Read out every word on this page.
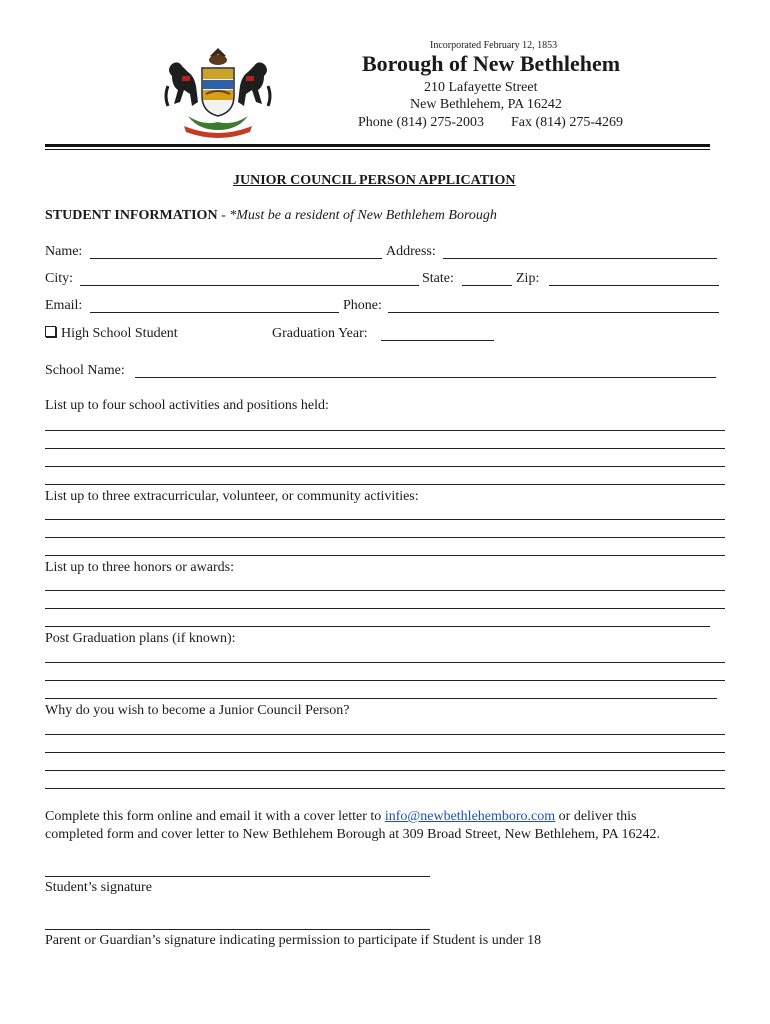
Incorporated February 12, 1853
Borough of New Bethlehem
210 Lafayette Street
New Bethlehem, PA 16242
Phone (814) 275-2003 Fax (814) 275-4269
JUNIOR COUNCIL PERSON APPLICATION
STUDENT INFORMATION - *Must be a resident of New Bethlehem Borough
Name:	Address:
City:	State:	Zip:
Email:	Phone:
High School Student	Graduation Year:
School Name:
List up to four school activities and positions held:
List up to three extracurricular, volunteer, or community activities:
List up to three honors or awards:
Post Graduation plans (if known):
Why do you wish to become a Junior Council Person?
Complete this form online and email it with a cover letter to info@newbethlehemboro.com or deliver this
completed form and cover letter to New Bethlehem Borough at 309 Broad Street, New Bethlehem, PA 16242.
Student’s signature
Parent or Guardian’s signature indicating permission to participate if Student is under 18
